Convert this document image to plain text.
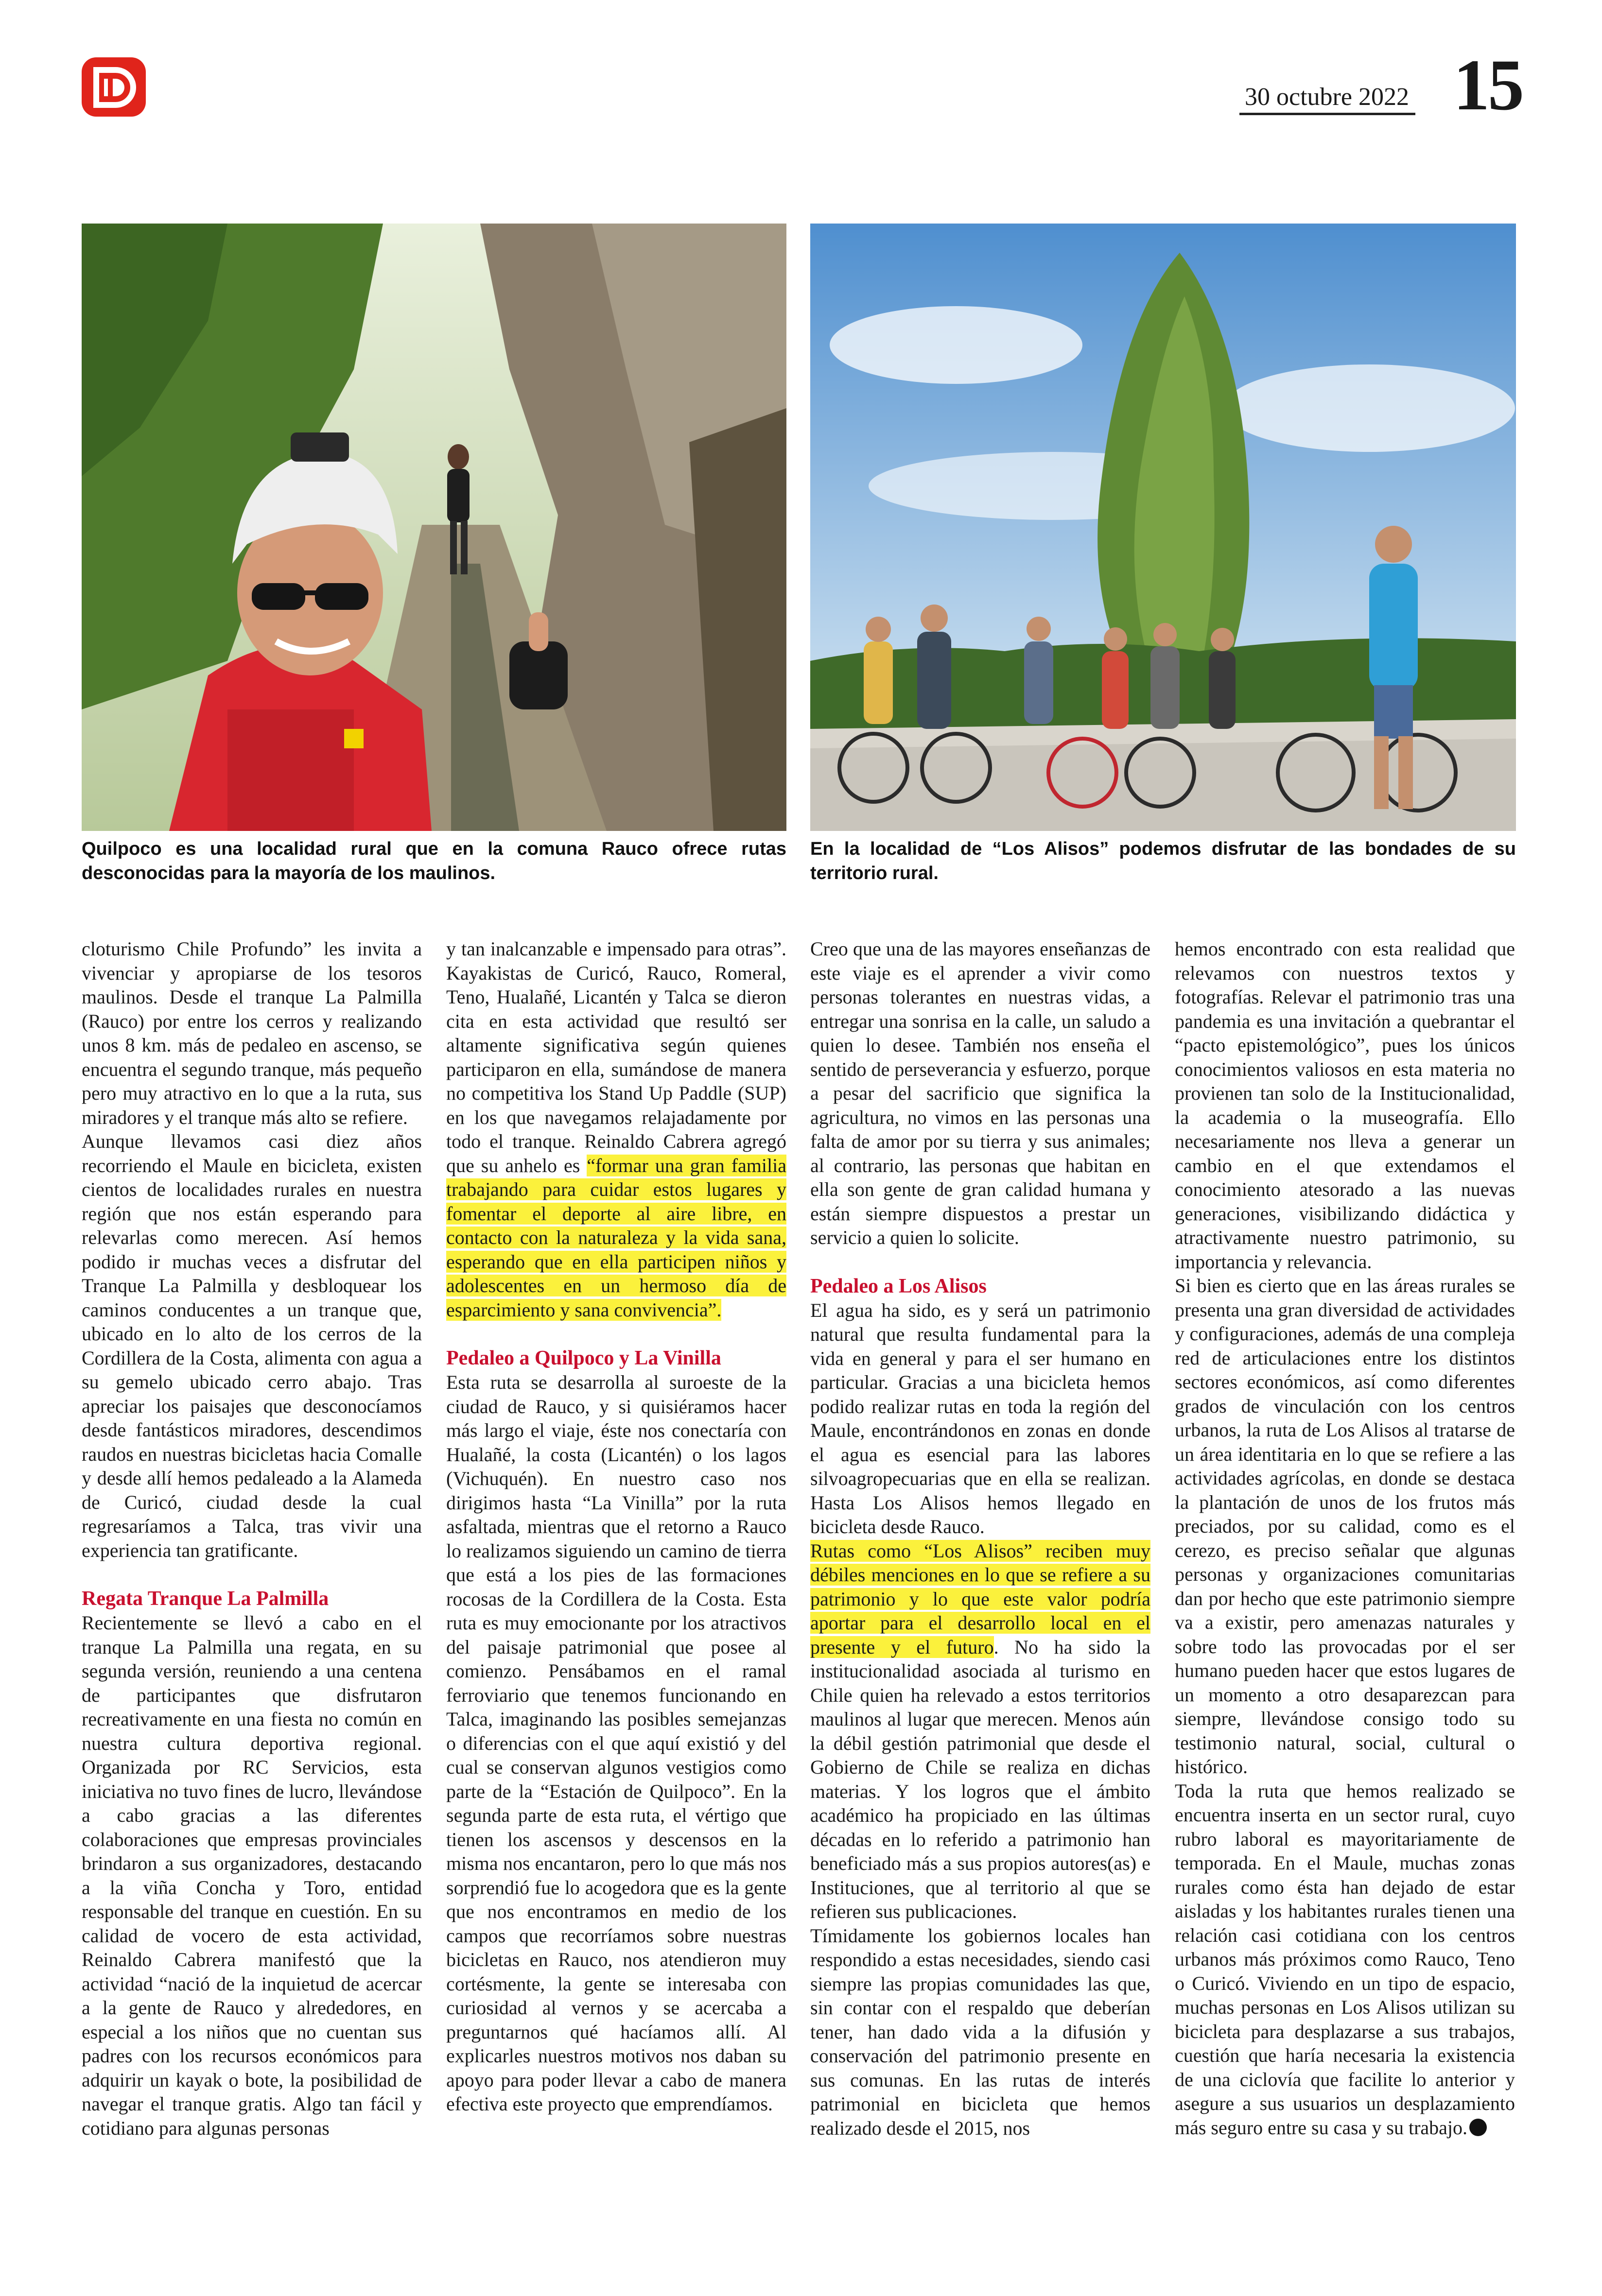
30 octubre 2022 15
Quilpoco es una localidad rural que en la comuna Rauco ofrece rutas desconocidas para la mayoría de los maulinos.
En la localidad de “Los Alisos” podemos disfrutar de las bondades de su territorio rural.

cloturismo Chile Profundo” les invita a vivenciar y apropiarse de los tesoros maulinos. Desde el tranque La Palmilla (Rauco) por entre los cerros y realizando unos 8 km. más de pedaleo en ascenso, se encuentra el segundo tranque, más pequeño pero muy atractivo en lo que a la ruta, sus miradores y el tranque más alto se refiere.

Aunque llevamos casi diez años recorriendo el Maule en bicicleta, existen cientos de localidades rurales en nuestra región que nos están esperando para relevarlas como merecen. Así hemos podido ir muchas veces a disfrutar del Tranque La Palmilla y desbloquear los caminos conducentes a un tranque que, ubicado en lo alto de los cerros de la Cordillera de la Costa, alimenta con agua a su gemelo ubicado cerro abajo. Tras apreciar los paisajes que desconocíamos desde fantásticos miradores, descendimos raudos en nuestras bicicletas hacia Comalle y desde allí hemos pedaleado a la Alameda de Curicó, ciudad desde la cual regresaríamos a Talca, tras vivir una experiencia tan gratificante.

Regata Tranque La Palmilla

Recientemente se llevó a cabo en el tranque La Palmilla una regata, en su segunda versión, reuniendo a una centena de participantes que disfrutaron recreativamente en una fiesta no común en nuestra cultura deportiva regional. Organizada por RC Servicios, esta iniciativa no tuvo fines de lucro, llevándose a cabo gracias a las diferentes colaboraciones que empresas provinciales brindaron a sus organizadores, destacando a la viña Concha y Toro, entidad responsable del tranque en cuestión. En su calidad de vocero de esta actividad, Reinaldo Cabrera manifestó que la actividad “nació de la inquietud de acercar a la gente de Rauco y alrededores, en especial a los niños que no cuentan sus padres con los recursos económicos para adquirir un kayak o bote, la posibilidad de navegar el tranque gratis. Algo tan fácil y cotidiano para algunas personas

y tan inalcanzable e impensado para otras”. Kayakistas de Curicó, Rauco, Romeral, Teno, Hualañé, Licantén y Talca se dieron cita en esta actividad que resultó ser altamente significativa según quienes participaron en ella, sumándose de manera no competitiva los Stand Up Paddle (SUP) en los que navegamos relajadamente por todo el tranque. Reinaldo Cabrera agregó que su anhelo es “formar una gran familia trabajando para cuidar estos lugares y fomentar el deporte al aire libre, en contacto con la naturaleza y la vida sana, esperando que en ella participen niños y adolescentes en un hermoso día de esparcimiento y sana convivencia”.

Pedaleo a Quilpoco y La Vinilla

Esta ruta se desarrolla al suroeste de la ciudad de Rauco, y si quisiéramos hacer más largo el viaje, éste nos conectaría con Hualañé, la costa (Licantén) o los lagos (Vichuquén). En nuestro caso nos dirigimos hasta “La Vinilla” por la ruta asfaltada, mientras que el retorno a Rauco lo realizamos siguiendo un camino de tierra que está a los pies de las formaciones rocosas de la Cordillera de la Costa. Esta ruta es muy emocionante por los atractivos del paisaje patrimonial que posee al comienzo. Pensábamos en el ramal ferroviario que tenemos funcionando en Talca, imaginando las posibles semejanzas o diferencias con el que aquí existió y del cual se conservan algunos vestigios como parte de la “Estación de Quilpoco”. En la segunda parte de esta ruta, el vértigo que tienen los ascensos y descensos en la misma nos encantaron, pero lo que más nos sorprendió fue lo acogedora que es la gente que nos encontramos en medio de los campos que recorríamos sobre nuestras bicicletas en Rauco, nos atendieron muy cortésmente, la gente se interesaba con curiosidad al vernos y se acercaba a preguntarnos qué hacíamos allí. Al explicarles nuestros motivos nos daban su apoyo para poder llevar a cabo de manera efectiva este proyecto que emprendíamos.

Creo que una de las mayores enseñanzas de este viaje es el aprender a vivir como personas tolerantes en nuestras vidas, a entregar una sonrisa en la calle, un saludo a quien lo desee. También nos enseña el sentido de perseverancia y esfuerzo, porque a pesar del sacrificio que significa la agricultura, no vimos en las personas una falta de amor por su tierra y sus animales; al contrario, las personas que habitan en ella son gente de gran calidad humana y están siempre dispuestos a prestar un servicio a quien lo solicite.

Pedaleo a Los Alisos

El agua ha sido, es y será un patrimonio natural que resulta fundamental para la vida en general y para el ser humano en particular. Gracias a una bicicleta hemos podido realizar rutas en toda la región del Maule, encontrándonos en zonas en donde el agua es esencial para las labores silvoagropecuarias que en ella se realizan. Hasta Los Alisos hemos llegado en bicicleta desde Rauco.

Rutas como “Los Alisos” reciben muy débiles menciones en lo que se refiere a su patrimonio y lo que este valor podría aportar para el desarrollo local en el presente y el futuro. No ha sido la institucionalidad asociada al turismo en Chile quien ha relevado a estos territorios maulinos al lugar que merecen. Menos aún la débil gestión patrimonial que desde el Gobierno de Chile se realiza en dichas materias. Y los logros que el ámbito académico ha propiciado en las últimas décadas en lo referido a patrimonio han beneficiado más a sus propios autores(as) e Instituciones, que al territorio al que se refieren sus publicaciones.

Tímidamente los gobiernos locales han respondido a estas necesidades, siendo casi siempre las propias comunidades las que, sin contar con el respaldo que deberían tener, han dado vida a la difusión y conservación del patrimonio presente en sus comunas. En las rutas de interés patrimonial en bicicleta que hemos realizado desde el 2015, nos

hemos encontrado con esta realidad que relevamos con nuestros textos y fotografías. Relevar el patrimonio tras una pandemia es una invitación a quebrantar el “pacto epistemológico”, pues los únicos conocimientos valiosos en esta materia no provienen tan solo de la Institucionalidad, la academia o la museografía. Ello necesariamente nos lleva a generar un cambio en el que extendamos el conocimiento atesorado a las nuevas generaciones, visibilizando didáctica y atractivamente nuestro patrimonio, su importancia y relevancia.

Si bien es cierto que en las áreas rurales se presenta una gran diversidad de actividades y configuraciones, además de una compleja red de articulaciones entre los distintos sectores económicos, así como diferentes grados de vinculación con los centros urbanos, la ruta de Los Alisos al tratarse de un área identitaria en lo que se refiere a las actividades agrícolas, en donde se destaca la plantación de unos de los frutos más preciados, por su calidad, como es el cerezo, es preciso señalar que algunas personas y organizaciones comunitarias dan por hecho que este patrimonio siempre va a existir, pero amenazas naturales y sobre todo las provocadas por el ser humano pueden hacer que estos lugares de un momento a otro desaparezcan para siempre, llevándose consigo todo su testimonio natural, social, cultural o histórico.

Toda la ruta que hemos realizado se encuentra inserta en un sector rural, cuyo rubro laboral es mayoritariamente de temporada. En el Maule, muchas zonas rurales como ésta han dejado de estar aisladas y los habitantes rurales tienen una relación casi cotidiana con los centros urbanos más próximos como Rauco, Teno o Curicó. Viviendo en un tipo de espacio, muchas personas en Los Alisos utilizan su bicicleta para desplazarse a sus trabajos, cuestión que haría necesaria la existencia de una ciclovía que facilite lo anterior y asegure a sus usuarios un desplazamiento más seguro entre su casa y su trabajo.
